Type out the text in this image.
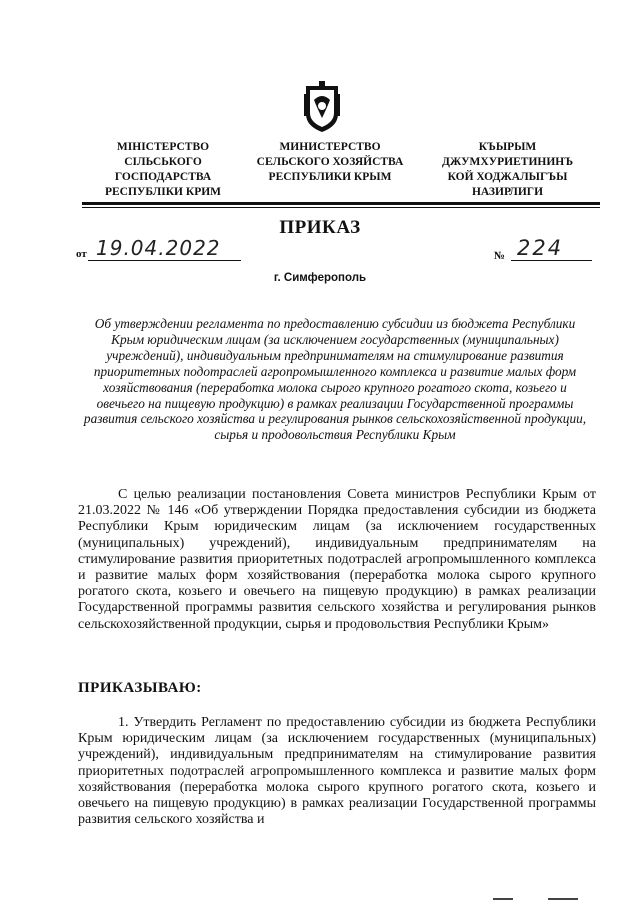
МІНІСТЕРСТВО
СІЛЬСЬКОГО
ГОСПОДАРСТВА
РЕСПУБЛІКИ КРИМ
МИНИСТЕРСТВО
СЕЛЬСКОГО ХОЗЯЙСТВА
РЕСПУБЛИКИ КРЫМ
КЪЫРЫМ
ДЖУМХУРИЕТИНИНЪ
КОЙ ХОДЖАЛЫГЪЫ
НАЗИРЛИГИ
ПРИКАЗ
от 19.04.2022	№ 224
г. Симферополь
Об утверждении регламента по предоставлению субсидии из бюджета Республики Крым юридическим лицам (за исключением государственных (муниципальных) учреждений), индивидуальным предпринимателям на стимулирование развития приоритетных подотраслей агропромышленного комплекса и развитие малых форм хозяйствования (переработка молока сырого крупного рогатого скота, козьего и овечьего на пищевую продукцию) в рамках реализации Государственной программы развития сельского хозяйства и регулирования рынков сельскохозяйственной продукции, сырья и продовольствия Республики Крым
С целью реализации постановления Совета министров Республики Крым от 21.03.2022 № 146 «Об утверждении Порядка предоставления субсидии из бюджета Республики Крым юридическим лицам (за исключением государственных (муниципальных) учреждений), индивидуальным предпринимателям на стимулирование развития приоритетных подотраслей агропромышленного комплекса и развитие малых форм хозяйствования (переработка молока сырого крупного рогатого скота, козьего и овечьего на пищевую продукцию) в рамках реализации Государственной программы развития сельского хозяйства и регулирования рынков сельскохозяйственной продукции, сырья и продовольствия Республики Крым»
ПРИКАЗЫВАЮ:
1. Утвердить Регламент по предоставлению субсидии из бюджета Республики Крым юридическим лицам (за исключением государственных (муниципальных) учреждений), индивидуальным предпринимателям на стимулирование развития приоритетных подотраслей агропромышленного комплекса и развитие малых форм хозяйствования (переработка молока сырого крупного рогатого скота, козьего и овечьего на пищевую продукцию) в рамках реализации Государственной программы развития сельского хозяйства и
